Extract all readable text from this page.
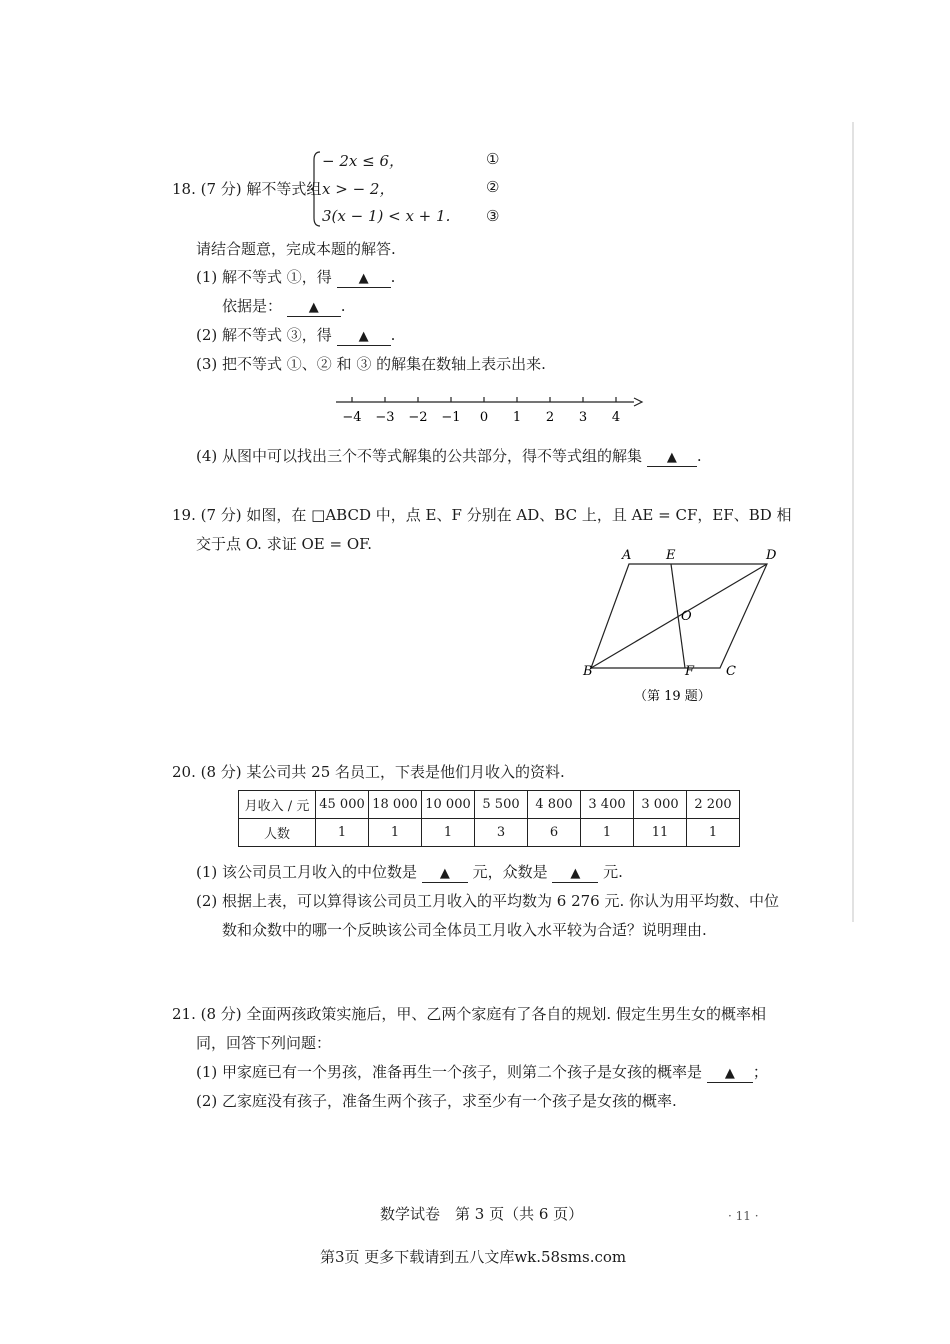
18. (7 分) 解不等式组
− 2x ≤ 6，
x > − 2，
3(x − 1) < x + 1.
①
②
③
请结合题意，完成本题的解答.
(1) 解不等式 ①，得 ▲ .
依据是： ▲ .
(2) 解不等式 ③，得 ▲ .
(3) 把不等式 ①、② 和 ③ 的解集在数轴上表示出来.
−4 −3 −2 −1 0 1 2 3 4
(4) 从图中可以找出三个不等式解集的公共部分，得不等式组的解集 ▲ .
19. (7 分) 如图，在 □ABCD 中，点 E、F 分别在 AD、BC 上，且 AE = CF，EF、BD 相
交于点 O. 求证 OE = OF.
A	E	D
O
B	F C
（第 19 题）
20. (8 分) 某公司共 25 名员工，下表是他们月收入的资料.
月收入 / 元	45 000	18 000	10 000	5 500	4 800	3 400	3 000	2 200
人数	1	1	1	3	6	1	11	1
(1) 该公司员工月收入的中位数是 ▲ 元，众数是 ▲ 元.
(2) 根据上表，可以算得该公司员工月收入的平均数为 6 276 元. 你认为用平均数、中位
数和众数中的哪一个反映该公司全体员工月收入水平较为合适？说明理由.
21. (8 分) 全面两孩政策实施后，甲、乙两个家庭有了各自的规划. 假定生男生女的概率相
同，回答下列问题：
(1) 甲家庭已有一个男孩，准备再生一个孩子，则第二个孩子是女孩的概率是 ▲ ；
(2) 乙家庭没有孩子，准备生两个孩子，求至少有一个孩子是女孩的概率.
数学试卷　第 3 页（共 6 页）	· 11 ·
第3页 更多下载请到五八文库wk.58sms.com
